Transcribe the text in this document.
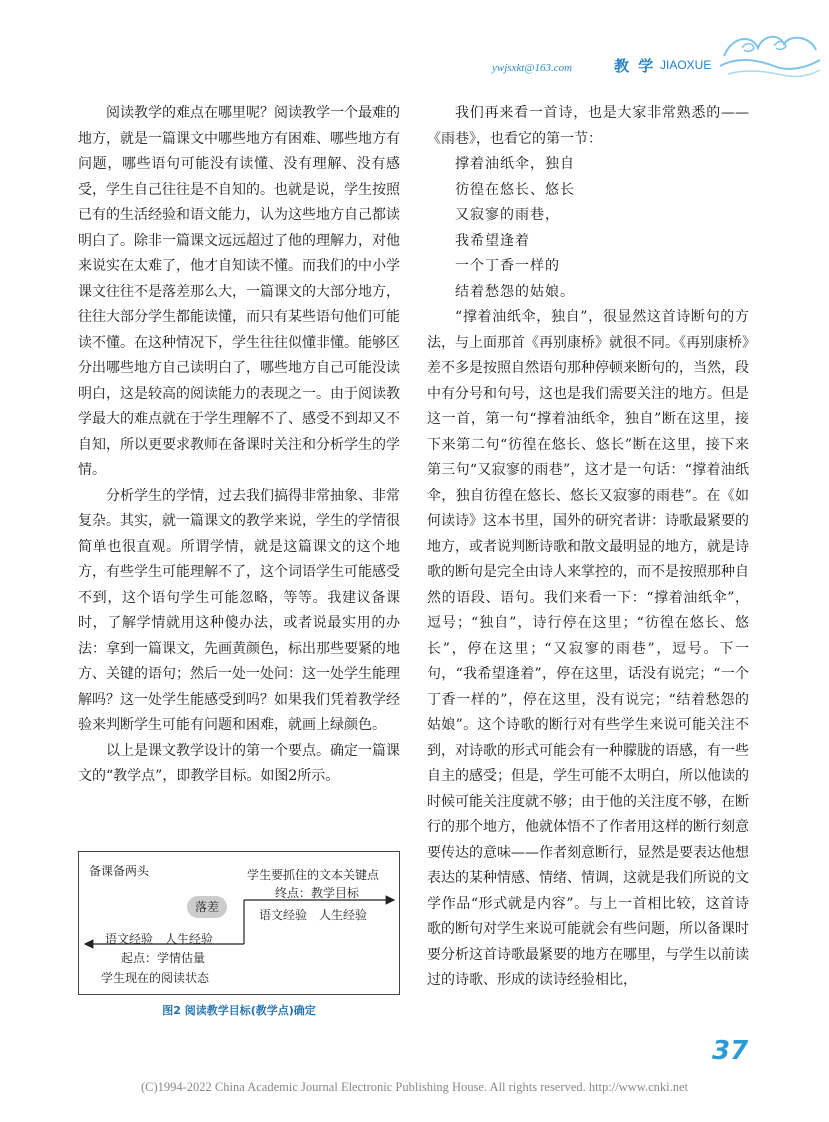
ywjsxkt@163.com	教 学 JIAOXUE

阅读教学的难点在哪里呢？阅读教学一个最难的地方，就是一篇课文中哪些地方有困难、哪些地方有问题，哪些语句可能没有读懂、没有理解、没有感受，学生自己往往是不自知的。也就是说，学生按照已有的生活经验和语文能力，认为这些地方自己都读明白了。除非一篇课文远远超过了他的理解力，对他来说实在太难了，他才自知读不懂。而我们的中小学课文往往不是落差那么大，一篇课文的大部分地方，往往大部分学生都能读懂，而只有某些语句他们可能读不懂。在这种情况下，学生往往似懂非懂。能够区分出哪些地方自己读明白了，哪些地方自己可能没读明白，这是较高的阅读能力的表现之一。由于阅读教学最大的难点就在于学生理解不了、感受不到却又不自知，所以更要求教师在备课时关注和分析学生的学情。

分析学生的学情，过去我们搞得非常抽象、非常复杂。其实，就一篇课文的教学来说，学生的学情很简单也很直观。所谓学情，就是这篇课文的这个地方，有些学生可能理解不了，这个词语学生可能感受不到，这个语句学生可能忽略，等等。我建议备课时，了解学情就用这种傻办法，或者说最实用的办法：拿到一篇课文，先画黄颜色，标出那些要紧的地方、关键的语句；然后一处一处问：这一处学生能理解吗？这一处学生能感受到吗？如果我们凭着教学经验来判断学生可能有问题和困难，就画上绿颜色。

以上是课文教学设计的第一个要点。确定一篇课文的“教学点”，即教学目标。如图2所示。

备课备两头	学生要抓住的文本关键点
终点：教学目标
落差
语文经验　人生经验
语文经验　人生经验
起点：学情估量
学生现在的阅读状态
图2 阅读教学目标(教学点)确定

我们再来看一首诗，也是大家非常熟悉的——《雨巷》，也看它的第一节：

撑着油纸伞，独自

彷徨在悠长、悠长

又寂寥的雨巷，

我希望逢着

一个丁香一样的

结着愁怨的姑娘。

“撑着油纸伞，独自”，很显然这首诗断句的方法，与上面那首《再别康桥》就很不同。《再别康桥》差不多是按照自然语句那种停顿来断句的，当然，段中有分号和句号，这也是我们需要关注的地方。但是这一首，第一句“撑着油纸伞，独自”断在这里，接下来第二句“彷徨在悠长、悠长”断在这里，接下来第三句“又寂寥的雨巷”，这才是一句话：“撑着油纸伞，独自彷徨在悠长、悠长又寂寥的雨巷”。在《如何读诗》这本书里，国外的研究者讲：诗歌最紧要的地方，或者说判断诗歌和散文最明显的地方，就是诗歌的断句是完全由诗人来掌控的，而不是按照那种自然的语段、语句。我们来看一下：“撑着油纸伞”，逗号；“独自”，诗行停在这里；“彷徨在悠长、悠长”，停在这里；“又寂寥的雨巷”，逗号。下一句，“我希望逢着”，停在这里，话没有说完；“一个丁香一样的”，停在这里，没有说完；“结着愁怨的姑娘”。这个诗歌的断行对有些学生来说可能关注不到，对诗歌的形式可能会有一种朦胧的语感，有一些自主的感受；但是，学生可能不太明白，所以他读的时候可能关注度就不够；由于他的关注度不够，在断行的那个地方，他就体悟不了作者用这样的断行刻意要传达的意味——作者刻意断行，显然是要表达他想表达的某种情感、情绪、情调，这就是我们所说的文学作品“形式就是内容”。与上一首相比较，这首诗歌的断句对学生来说可能就会有些问题，所以备课时要分析这首诗歌最紧要的地方在哪里，与学生以前读过的诗歌、形成的读诗经验相比，

37
(C)1994-2022 China Academic Journal Electronic Publishing House. All rights reserved. http://www.cnki.net
